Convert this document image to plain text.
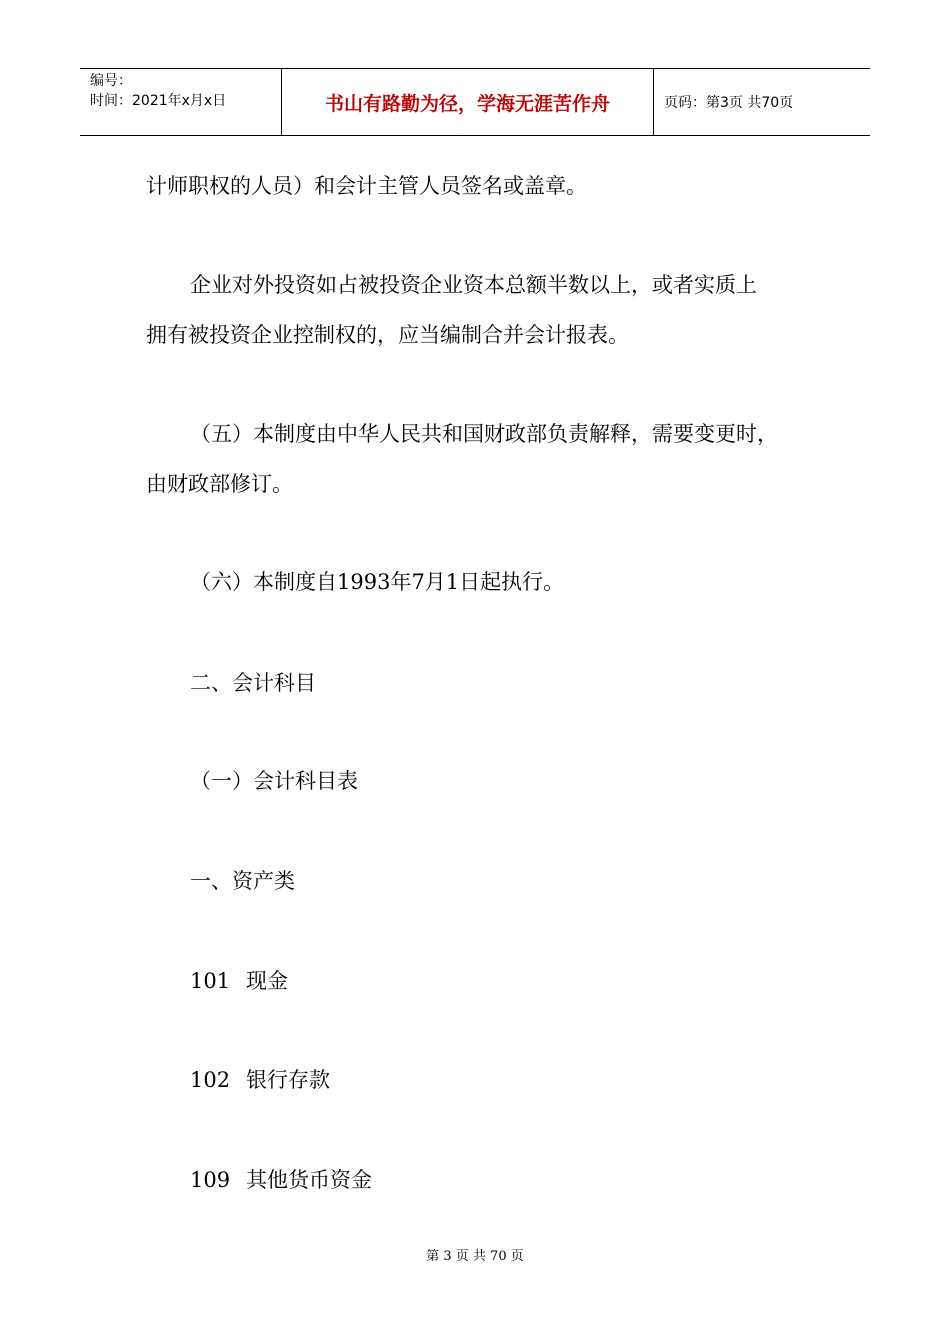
编号：
时间：2021年x月x日	书山有路勤为径，学海无涯苦作舟	页码：第3页 共70页
计师职权的人员）和会计主管人员签名或盖章。
企业对外投资如占被投资企业资本总额半数以上，或者实质上
拥有被投资企业控制权的，应当编制合并会计报表。
（五）本制度由中华人民共和国财政部负责解释，需要变更时，
由财政部修订。
（六）本制度自1993年7月1日起执行。
二、会计科目
（一）会计科目表
一、资产类
101 现金
102 银行存款
109 其他货币资金
第 3 页 共 70 页
